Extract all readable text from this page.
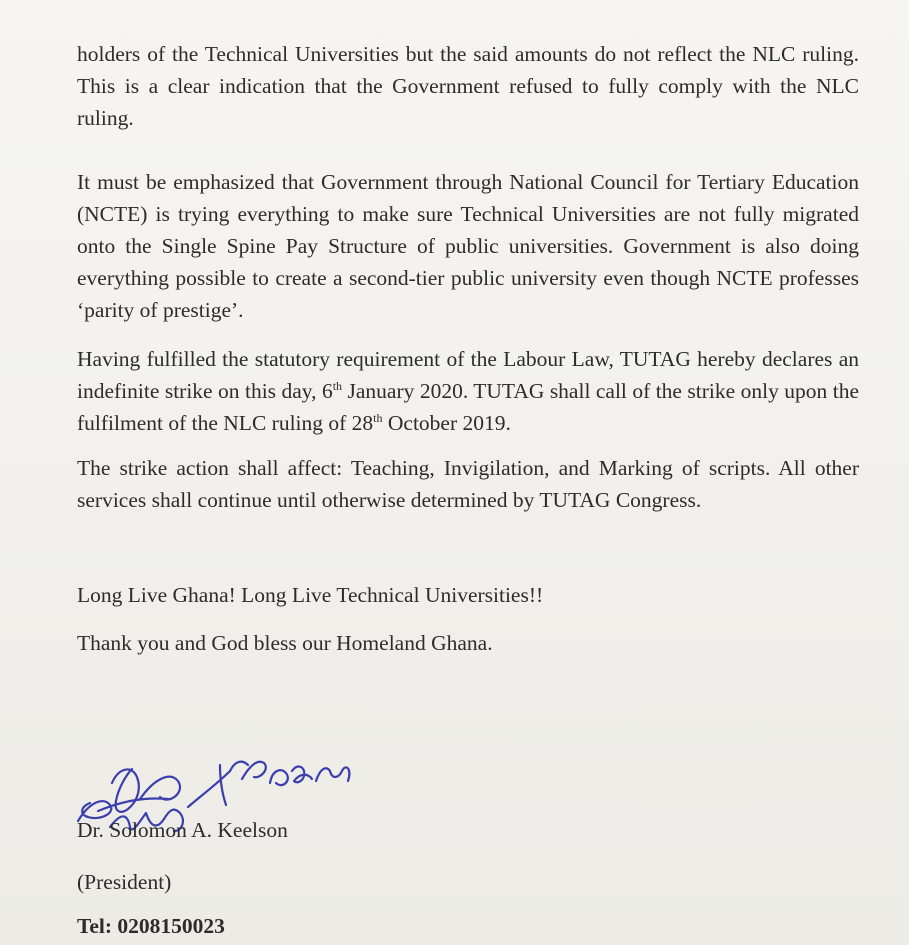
holders of the Technical Universities but the said amounts do not reflect the NLC ruling. This is a clear indication that the Government refused to fully comply with the NLC ruling.
It must be emphasized that Government through National Council for Tertiary Education (NCTE) is trying everything to make sure Technical Universities are not fully migrated onto the Single Spine Pay Structure of public universities. Government is also doing everything possible to create a second-tier public university even though NCTE professes ‘parity of prestige’.
Having fulfilled the statutory requirement of the Labour Law, TUTAG hereby declares an indefinite strike on this day, 6th January 2020. TUTAG shall call of the strike only upon the fulfilment of the NLC ruling of 28th October 2019.
The strike action shall affect: Teaching, Invigilation, and Marking of scripts. All other services shall continue until otherwise determined by TUTAG Congress.
Long Live Ghana! Long Live Technical Universities!!
Thank you and God bless our Homeland Ghana.
Dr. Solomon A. Keelson
(President)
Tel: 0208150023
